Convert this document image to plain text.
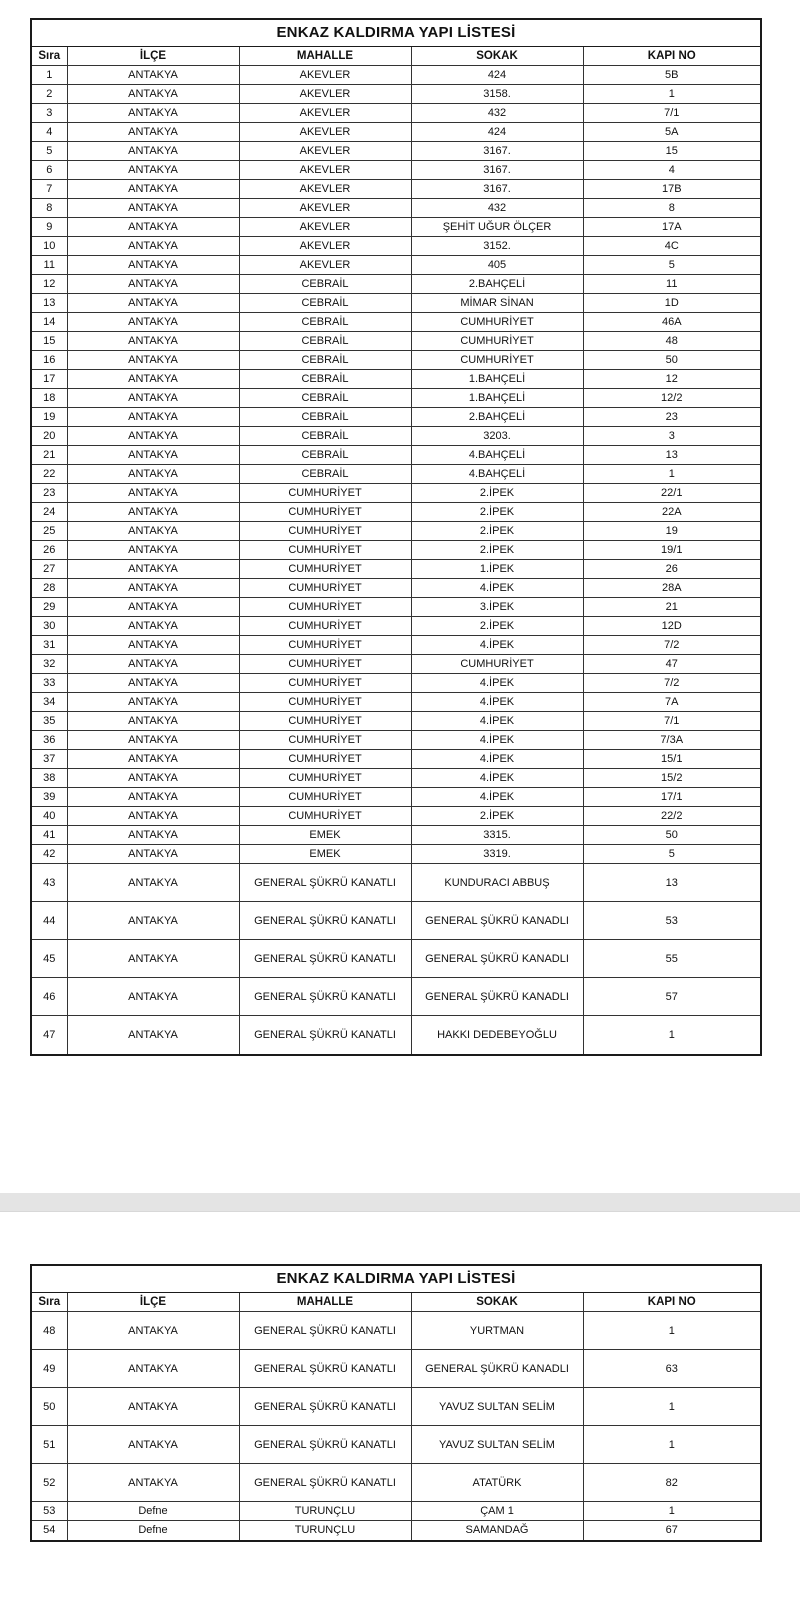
ENKAZ KALDIRMA YAPI LİSTESİ
Sıra	İLÇE	MAHALLE	SOKAK	KAPI NO
1	ANTAKYA	AKEVLER	424	5B
2	ANTAKYA	AKEVLER	3158.	1
3	ANTAKYA	AKEVLER	432	7/1
4	ANTAKYA	AKEVLER	424	5A
5	ANTAKYA	AKEVLER	3167.	15
6	ANTAKYA	AKEVLER	3167.	4
7	ANTAKYA	AKEVLER	3167.	17B
8	ANTAKYA	AKEVLER	432	8
9	ANTAKYA	AKEVLER	ŞEHİT UĞUR ÖLÇER	17A
10	ANTAKYA	AKEVLER	3152.	4C
11	ANTAKYA	AKEVLER	405	5
12	ANTAKYA	CEBRAİL	2.BAHÇELİ	11
13	ANTAKYA	CEBRAİL	MİMAR SİNAN	1D
14	ANTAKYA	CEBRAİL	CUMHURİYET	46A
15	ANTAKYA	CEBRAİL	CUMHURİYET	48
16	ANTAKYA	CEBRAİL	CUMHURİYET	50
17	ANTAKYA	CEBRAİL	1.BAHÇELİ	12
18	ANTAKYA	CEBRAİL	1.BAHÇELİ	12/2
19	ANTAKYA	CEBRAİL	2.BAHÇELİ	23
20	ANTAKYA	CEBRAİL	3203.	3
21	ANTAKYA	CEBRAİL	4.BAHÇELİ	13
22	ANTAKYA	CEBRAİL	4.BAHÇELİ	1
23	ANTAKYA	CUMHURİYET	2.İPEK	22/1
24	ANTAKYA	CUMHURİYET	2.İPEK	22A
25	ANTAKYA	CUMHURİYET	2.İPEK	19
26	ANTAKYA	CUMHURİYET	2.İPEK	19/1
27	ANTAKYA	CUMHURİYET	1.İPEK	26
28	ANTAKYA	CUMHURİYET	4.İPEK	28A
29	ANTAKYA	CUMHURİYET	3.İPEK	21
30	ANTAKYA	CUMHURİYET	2.İPEK	12D
31	ANTAKYA	CUMHURİYET	4.İPEK	7/2
32	ANTAKYA	CUMHURİYET	CUMHURİYET	47
33	ANTAKYA	CUMHURİYET	4.İPEK	7/2
34	ANTAKYA	CUMHURİYET	4.İPEK	7A
35	ANTAKYA	CUMHURİYET	4.İPEK	7/1
36	ANTAKYA	CUMHURİYET	4.İPEK	7/3A
37	ANTAKYA	CUMHURİYET	4.İPEK	15/1
38	ANTAKYA	CUMHURİYET	4.İPEK	15/2
39	ANTAKYA	CUMHURİYET	4.İPEK	17/1
40	ANTAKYA	CUMHURİYET	2.İPEK	22/2
41	ANTAKYA	EMEK	3315.	50
42	ANTAKYA	EMEK	3319.	5
43	ANTAKYA	GENERAL ŞÜKRÜ KANATLI	KUNDURACI ABBUŞ	13
44	ANTAKYA	GENERAL ŞÜKRÜ KANATLI	GENERAL ŞÜKRÜ KANADLI	53
45	ANTAKYA	GENERAL ŞÜKRÜ KANATLI	GENERAL ŞÜKRÜ KANADLI	55
46	ANTAKYA	GENERAL ŞÜKRÜ KANATLI	GENERAL ŞÜKRÜ KANADLI	57
47	ANTAKYA	GENERAL ŞÜKRÜ KANATLI	HAKKI DEDEBEYOĞLU	1
ENKAZ KALDIRMA YAPI LİSTESİ
Sıra	İLÇE	MAHALLE	SOKAK	KAPI NO
48	ANTAKYA	GENERAL ŞÜKRÜ KANATLI	YURTMAN	1
49	ANTAKYA	GENERAL ŞÜKRÜ KANATLI	GENERAL ŞÜKRÜ KANADLI	63
50	ANTAKYA	GENERAL ŞÜKRÜ KANATLI	YAVUZ SULTAN SELİM	1
51	ANTAKYA	GENERAL ŞÜKRÜ KANATLI	YAVUZ SULTAN SELİM	1
52	ANTAKYA	GENERAL ŞÜKRÜ KANATLI	ATATÜRK	82
53	Defne	TURUNÇLU	ÇAM 1	1
54	Defne	TURUNÇLU	SAMANDAĞ	67
